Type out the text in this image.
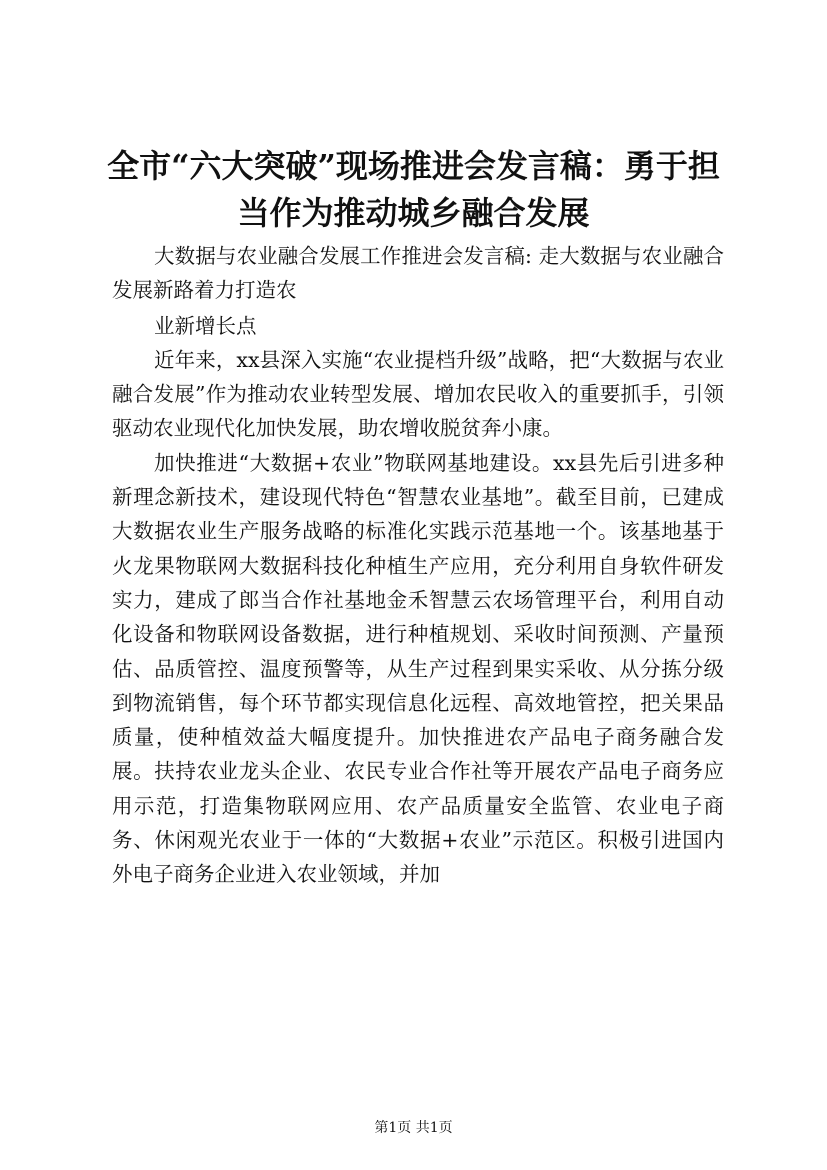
全市“六大突破”现场推进会发言稿：勇于担当作为推动城乡融合发展

大数据与农业融合发展工作推进会发言稿: 走大数据与农业融合发展新路着力打造农

业新增长点

近年来，xx县深入实施“农业提档升级”战略，把“大数据与农业融合发展”作为推动农业转型发展、增加农民收入的重要抓手，引领驱动农业现代化加快发展，助农增收脱贫奔小康。

加快推进“大数据+农业”物联网基地建设。xx县先后引进多种新理念新技术，建设现代特色“智慧农业基地”。截至目前，已建成大数据农业生产服务战略的标准化实践示范基地一个。该基地基于火龙果物联网大数据科技化种植生产应用，充分利用自身软件研发实力，建成了郎当合作社基地金禾智慧云农场管理平台，利用自动化设备和物联网设备数据，进行种植规划、采收时间预测、产量预估、品质管控、温度预警等，从生产过程到果实采收、从分拣分级到物流销售，每个环节都实现信息化远程、高效地管控，把关果品质量，使种植效益大幅度提升。加快推进农产品电子商务融合发展。扶持农业龙头企业、农民专业合作社等开展农产品电子商务应用示范，打造集物联网应用、农产品质量安全监管、农业电子商务、休闲观光农业于一体的“大数据+农业”示范区。积极引进国内外电子商务企业进入农业领域，并加

第1页 共1页
